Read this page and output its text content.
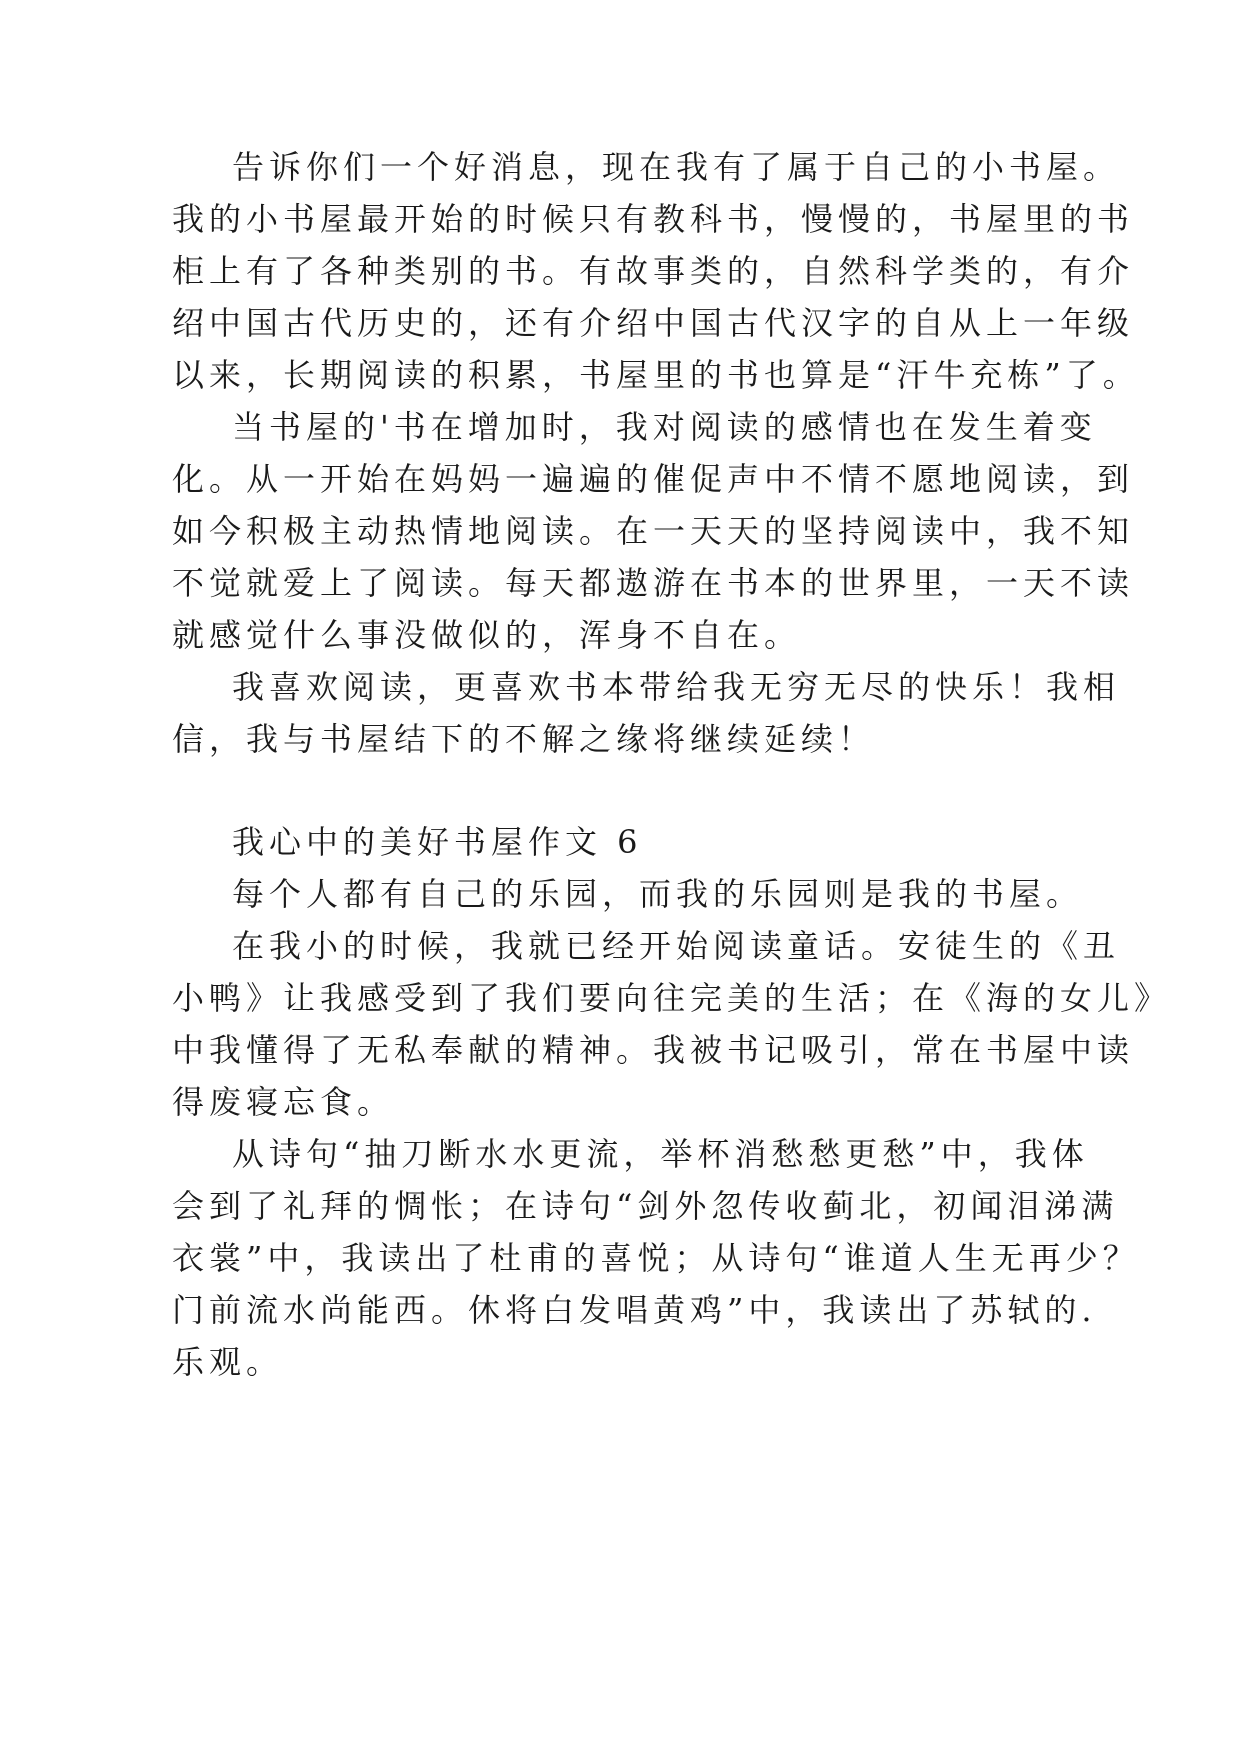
告诉你们一个好消息，现在我有了属于自己的小书屋。

我的小书屋最开始的时候只有教科书，慢慢的，书屋里的书

柜上有了各种类别的书。有故事类的，自然科学类的，有介

绍中国古代历史的，还有介绍中国古代汉字的自从上一年级

以来，长期阅读的积累，书屋里的书也算是“汗牛充栋”了。

当书屋的'书在增加时，我对阅读的感情也在发生着变

化。从一开始在妈妈一遍遍的催促声中不情不愿地阅读，到

如今积极主动热情地阅读。在一天天的坚持阅读中，我不知

不觉就爱上了阅读。每天都遨游在书本的世界里，一天不读

就感觉什么事没做似的，浑身不自在。

我喜欢阅读，更喜欢书本带给我无穷无尽的快乐！我相

信，我与书屋结下的不解之缘将继续延续！

我心中的美好书屋作文 6

每个人都有自己的乐园，而我的乐园则是我的书屋。

在我小的时候，我就已经开始阅读童话。安徒生的《丑

小鸭》让我感受到了我们要向往完美的生活；在《海的女儿》

中我懂得了无私奉献的精神。我被书记吸引，常在书屋中读

得废寝忘食。

从诗句“抽刀断水水更流，举杯消愁愁更愁”中，我体

会到了礼拜的惆怅；在诗句“剑外忽传收蓟北，初闻泪涕满

衣裳”中，我读出了杜甫的喜悦；从诗句“谁道人生无再少？

门前流水尚能西。休将白发唱黄鸡”中，我读出了苏轼的.

乐观。
